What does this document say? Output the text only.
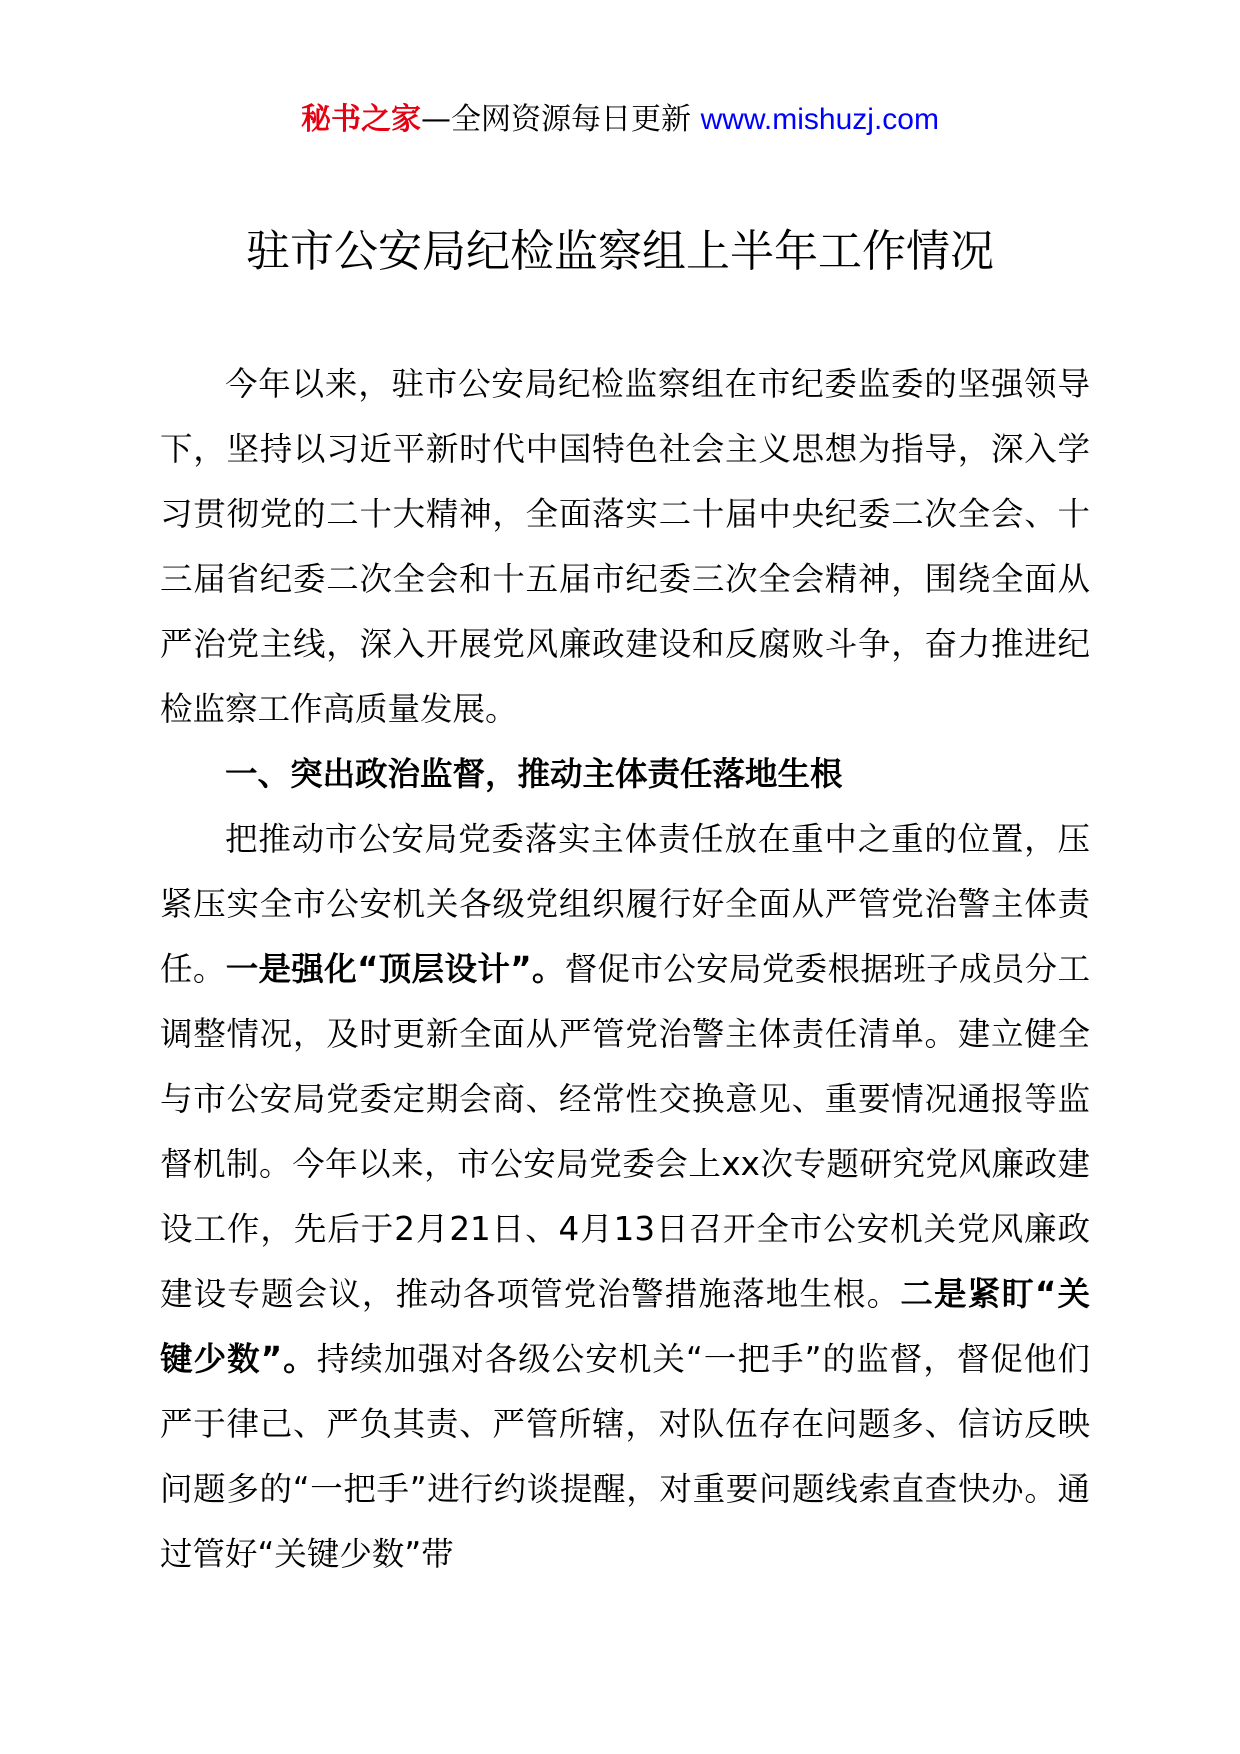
秘书之家—全网资源每日更新 www.mishuzj.com
驻市公安局纪检监察组上半年工作情况

今年以来，驻市公安局纪检监察组在市纪委监委的坚强领导下，坚持以习近平新时代中国特色社会主义思想为指导，深入学习贯彻党的二十大精神，全面落实二十届中央纪委二次全会、十三届省纪委二次全会和十五届市纪委三次全会精神，围绕全面从严治党主线，深入开展党风廉政建设和反腐败斗争，奋力推进纪检监察工作高质量发展。

一、突出政治监督，推动主体责任落地生根

把推动市公安局党委落实主体责任放在重中之重的位置，压紧压实全市公安机关各级党组织履行好全面从严管党治警主体责任。一是强化“顶层设计”。督促市公安局党委根据班子成员分工调整情况，及时更新全面从严管党治警主体责任清单。建立健全与市公安局党委定期会商、经常性交换意见、重要情况通报等监督机制。今年以来，市公安局党委会上xx次专题研究党风廉政建设工作，先后于2月21日、4月13日召开全市公安机关党风廉政建设专题会议，推动各项管党治警措施落地生根。二是紧盯“关键少数”。持续加强对各级公安机关“一把手”的监督，督促他们严于律己、严负其责、严管所辖，对队伍存在问题多、信访反映问题多的“一把手”进行约谈提醒，对重要问题线索直查快办。通过管好“关键少数”带
